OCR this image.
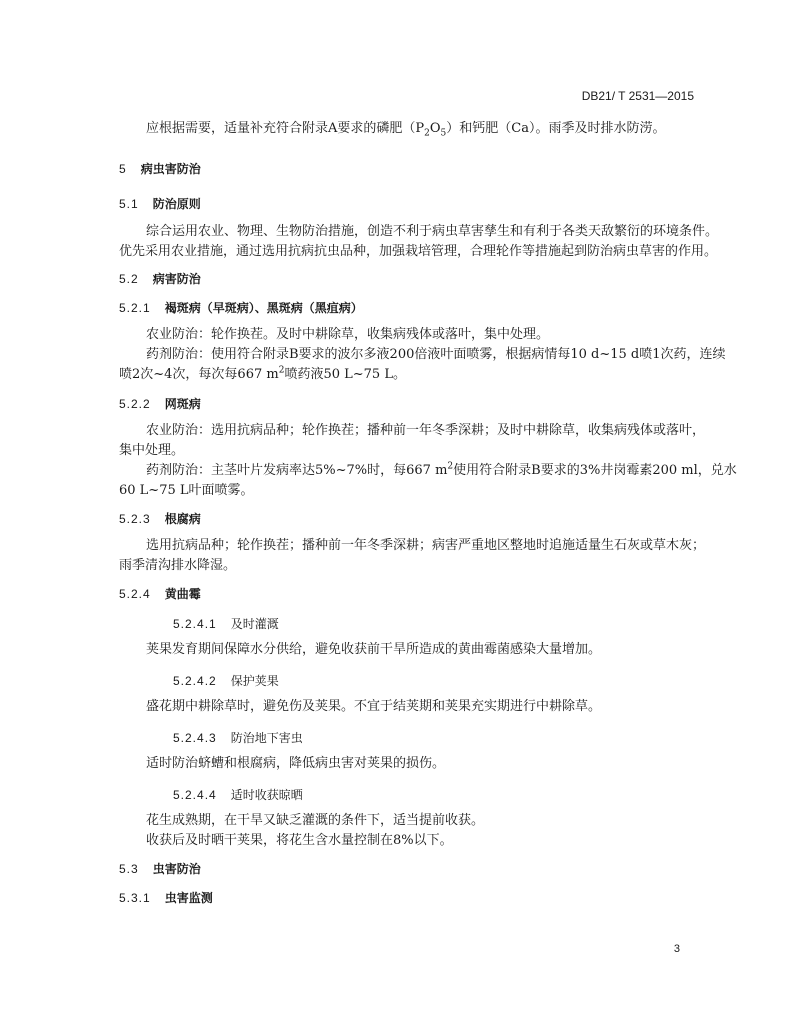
DB21/ T 2531—2015
应根据需要，适量补充符合附录A要求的磷肥$(P_2O_5)$和钙肥（Ca）。雨季及时排水防涝。
5 病虫害防治
5.1 防治原则
综合运用农业、物理、生物防治措施，创造不利于病虫草害孳生和有利于各类天敌繁衍的环境条件。
优先采用农业措施，通过选用抗病抗虫品种，加强栽培管理，合理轮作等措施起到防治病虫草害的作用。
5.2 病害防治
5.2.1 褐斑病（早斑病）、黑斑病（黑疽病）
农业防治：轮作换茬。及时中耕除草，收集病残体或落叶，集中处理。
药剂防治：使用符合附录B要求的波尔多液200倍液叶面喷雾，根据病情每10 d~15 d喷1次药，连续
喷2次~4次，每次每667 $m^2$喷药液50 L~75 L。
5.2.2 网斑病
农业防治：选用抗病品种；轮作换茬；播种前一年冬季深耕；及时中耕除草，收集病残体或落叶，
集中处理。
药剂防治：主茎叶片发病率达5%~7%时，每667 $m^2$使用符合附录B要求的3%井岗霉素200 ml，兑水
60 L~75 L叶面喷雾。
5.2.3 根腐病
选用抗病品种；轮作换茬；播种前一年冬季深耕；病害严重地区整地时追施适量生石灰或草木灰；
雨季清沟排水降湿。
5.2.4 黄曲霉
5.2.4.1 及时灌溉
荚果发育期间保障水分供给，避免收获前干旱所造成的黄曲霉菌感染大量增加。
5.2.4.2 保护荚果
盛花期中耕除草时，避免伤及荚果。不宜于结荚期和荚果充实期进行中耕除草。
5.2.4.3 防治地下害虫
适时防治蛴螬和根腐病，降低病虫害对荚果的损伤。
5.2.4.4 适时收获晾晒
花生成熟期，在干旱又缺乏灌溉的条件下，适当提前收获。
收获后及时晒干荚果，将花生含水量控制在8%以下。
5.3 虫害防治
5.3.1 虫害监测
3
